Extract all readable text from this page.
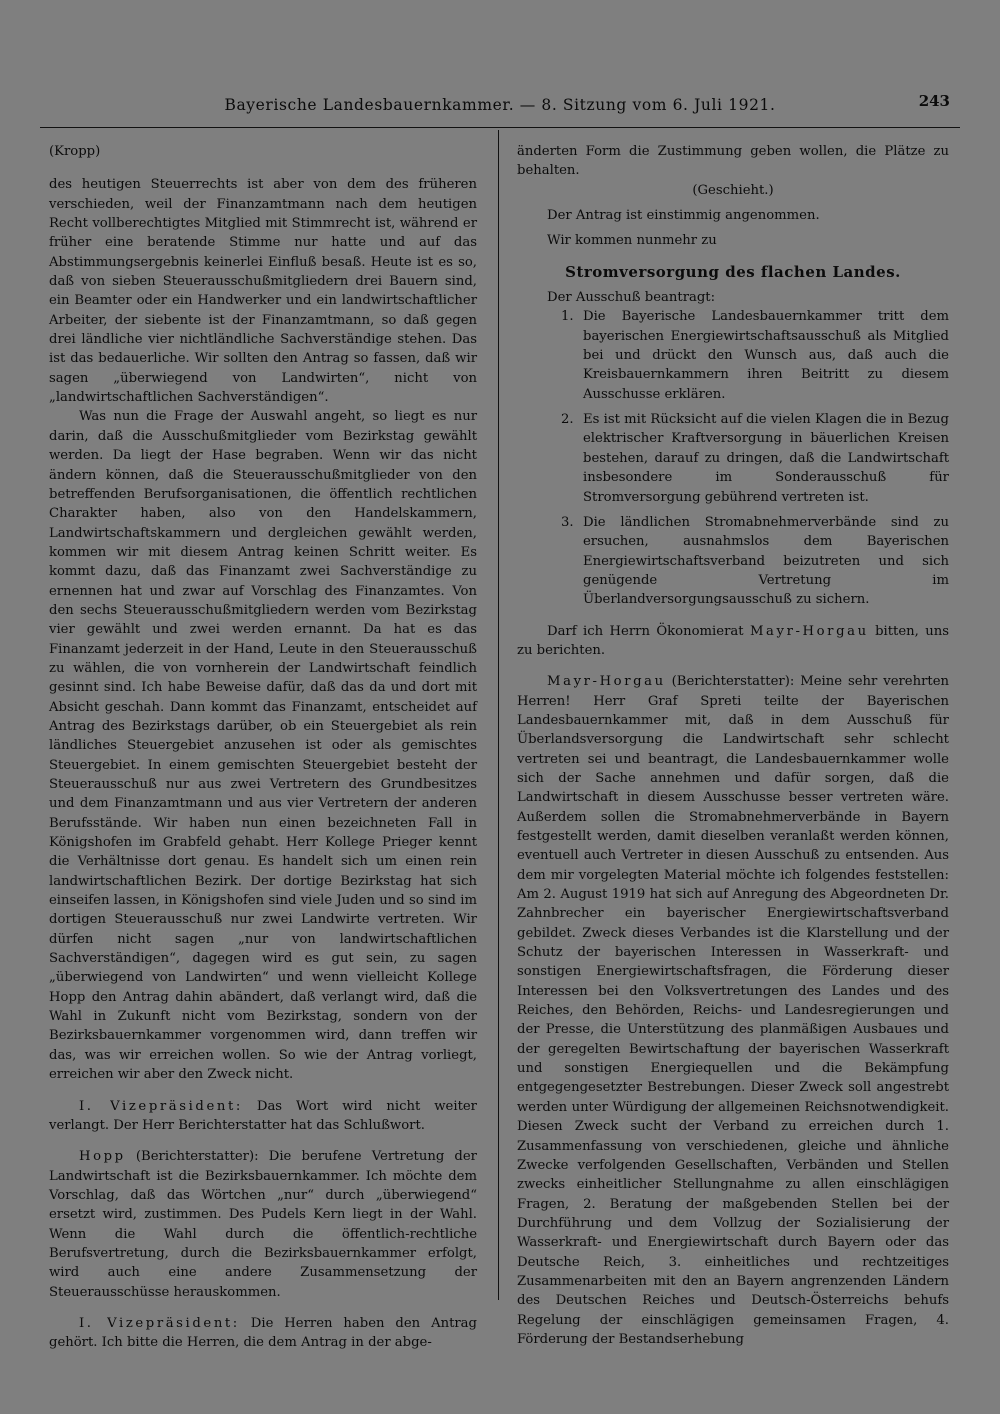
Bayerische Landesbauernkammer. — 8. Sitzung vom 6. Juli 1921.	243

(Kropp)

des heutigen Steuerrechts ist aber von dem des früheren verschieden, weil der Finanzamtmann nach dem heutigen Recht vollberechtigtes Mitglied mit Stimmrecht ist, während er früher eine beratende Stimme nur hatte und auf das Abstimmungsergebnis keinerlei Einfluß besaß. Heute ist es so, daß von sieben Steuerausschußmitgliedern drei Bauern sind, ein Beamter oder ein Handwerker und ein landwirtschaftlicher Arbeiter, der siebente ist der Finanzamtmann, so daß gegen drei ländliche vier nichtländliche Sachverständige stehen. Das ist das bedauerliche. Wir sollten den Antrag so fassen, daß wir sagen „überwiegend von Landwirten“, nicht von „landwirtschaftlichen Sachverständigen“.

Was nun die Frage der Auswahl angeht, so liegt es nur darin, daß die Ausschußmitglieder vom Bezirkstag gewählt werden. Da liegt der Hase begraben. Wenn wir das nicht ändern können, daß die Steuerausschußmitglieder von den betreffenden Berufsorganisationen, die öffentlich rechtlichen Charakter haben, also von den Handelskammern, Landwirtschaftskammern und dergleichen gewählt werden, kommen wir mit diesem Antrag keinen Schritt weiter. Es kommt dazu, daß das Finanzamt zwei Sachverständige zu ernennen hat und zwar auf Vorschlag des Finanzamtes. Von den sechs Steuerausschußmitgliedern werden vom Bezirkstag vier gewählt und zwei werden ernannt. Da hat es das Finanzamt jederzeit in der Hand, Leute in den Steuerausschuß zu wählen, die von vornherein der Landwirtschaft feindlich gesinnt sind. Ich habe Beweise dafür, daß das da und dort mit Absicht geschah. Dann kommt das Finanzamt, entscheidet auf Antrag des Bezirkstags darüber, ob ein Steuergebiet als rein ländliches Steuergebiet anzusehen ist oder als gemischtes Steuergebiet. In einem gemischten Steuergebiet besteht der Steuerausschuß nur aus zwei Vertretern des Grundbesitzes und dem Finanzamtmann und aus vier Vertretern der anderen Berufsstände. Wir haben nun einen bezeichneten Fall in Königshofen im Grabfeld gehabt. Herr Kollege Prieger kennt die Verhältnisse dort genau. Es handelt sich um einen rein landwirtschaftlichen Bezirk. Der dortige Bezirkstag hat sich einseifen lassen, in Königshofen sind viele Juden und so sind im dortigen Steuerausschuß nur zwei Landwirte vertreten. Wir dürfen nicht sagen „nur von landwirtschaftlichen Sachverständigen“, dagegen wird es gut sein, zu sagen „überwiegend von Landwirten“ und wenn vielleicht Kollege Hopp den Antrag dahin abändert, daß verlangt wird, daß die Wahl in Zukunft nicht vom Bezirkstag, sondern von der Bezirksbauernkammer vorgenommen wird, dann treffen wir das, was wir erreichen wollen. So wie der Antrag vorliegt, erreichen wir aber den Zweck nicht.

I. Vizepräsident: Das Wort wird nicht weiter verlangt. Der Herr Berichterstatter hat das Schlußwort.

Hopp (Berichterstatter): Die berufene Vertretung der Landwirtschaft ist die Bezirksbauernkammer. Ich möchte dem Vorschlag, daß das Wörtchen „nur“ durch „überwiegend“ ersetzt wird, zustimmen. Des Pudels Kern liegt in der Wahl. Wenn die Wahl durch die öffentlich-rechtliche Berufsvertretung, durch die Bezirksbauernkammer erfolgt, wird auch eine andere Zusammensetzung der Steuerausschüsse herauskommen.

I. Vizepräsident: Die Herren haben den Antrag gehört. Ich bitte die Herren, die dem Antrag in der abge-

änderten Form die Zustimmung geben wollen, die Plätze zu behalten.

(Geschieht.)

Der Antrag ist einstimmig angenommen.

Wir kommen nunmehr zu

Stromversorgung des flachen Landes.

Der Ausschuß beantragt:

1. Die Bayerische Landesbauernkammer tritt dem bayerischen Energiewirtschaftsausschuß als Mitglied bei und drückt den Wunsch aus, daß auch die Kreisbauernkammern ihren Beitritt zu diesem Ausschusse erklären.
2. Es ist mit Rücksicht auf die vielen Klagen die in Bezug elektrischer Kraftversorgung in bäuerlichen Kreisen bestehen, darauf zu dringen, daß die Landwirtschaft insbesondere im Sonderausschuß für Stromversorgung gebührend vertreten ist.
3. Die ländlichen Stromabnehmerverbände sind zu ersuchen, ausnahmslos dem Bayerischen Energiewirtschaftsverband beizutreten und sich genügende Vertretung im Überlandversorgungsausschuß zu sichern.

Darf ich Herrn Ökonomierat Mayr-Horgau bitten, uns zu berichten.

Mayr-Horgau (Berichterstatter): Meine sehr verehrten Herren! Herr Graf Spreti teilte der Bayerischen Landesbauernkammer mit, daß in dem Ausschuß für Überlandsversorgung die Landwirtschaft sehr schlecht vertreten sei und beantragt, die Landesbauernkammer wolle sich der Sache annehmen und dafür sorgen, daß die Landwirtschaft in diesem Ausschusse besser vertreten wäre. Außerdem sollen die Stromabnehmerverbände in Bayern festgestellt werden, damit dieselben veranlaßt werden können, eventuell auch Vertreter in diesen Ausschuß zu entsenden. Aus dem mir vorgelegten Material möchte ich folgendes feststellen: Am 2. August 1919 hat sich auf Anregung des Abgeordneten Dr. Zahnbrecher ein bayerischer Energiewirtschaftsverband gebildet. Zweck dieses Verbandes ist die Klarstellung und der Schutz der bayerischen Interessen in Wasserkraft- und sonstigen Energiewirtschaftsfragen, die Förderung dieser Interessen bei den Volksvertretungen des Landes und des Reiches, den Behörden, Reichs- und Landesregierungen und der Presse, die Unterstützung des planmäßigen Ausbaues und der geregelten Bewirtschaftung der bayerischen Wasserkraft und sonstigen Energiequellen und die Bekämpfung entgegengesetzter Bestrebungen. Dieser Zweck soll angestrebt werden unter Würdigung der allgemeinen Reichsnotwendigkeit. Diesen Zweck sucht der Verband zu erreichen durch 1. Zusammenfassung von verschiedenen, gleiche und ähnliche Zwecke verfolgenden Gesellschaften, Verbänden und Stellen zwecks einheitlicher Stellungnahme zu allen einschlägigen Fragen, 2. Beratung der maßgebenden Stellen bei der Durchführung und dem Vollzug der Sozialisierung der Wasserkraft- und Energiewirtschaft durch Bayern oder das Deutsche Reich, 3. einheitliches und rechtzeitiges Zusammenarbeiten mit den an Bayern angrenzenden Ländern des Deutschen Reiches und Deutsch-Österreichs behufs Regelung der einschlägigen gemeinsamen Fragen, 4. Förderung der Bestandserhebung
